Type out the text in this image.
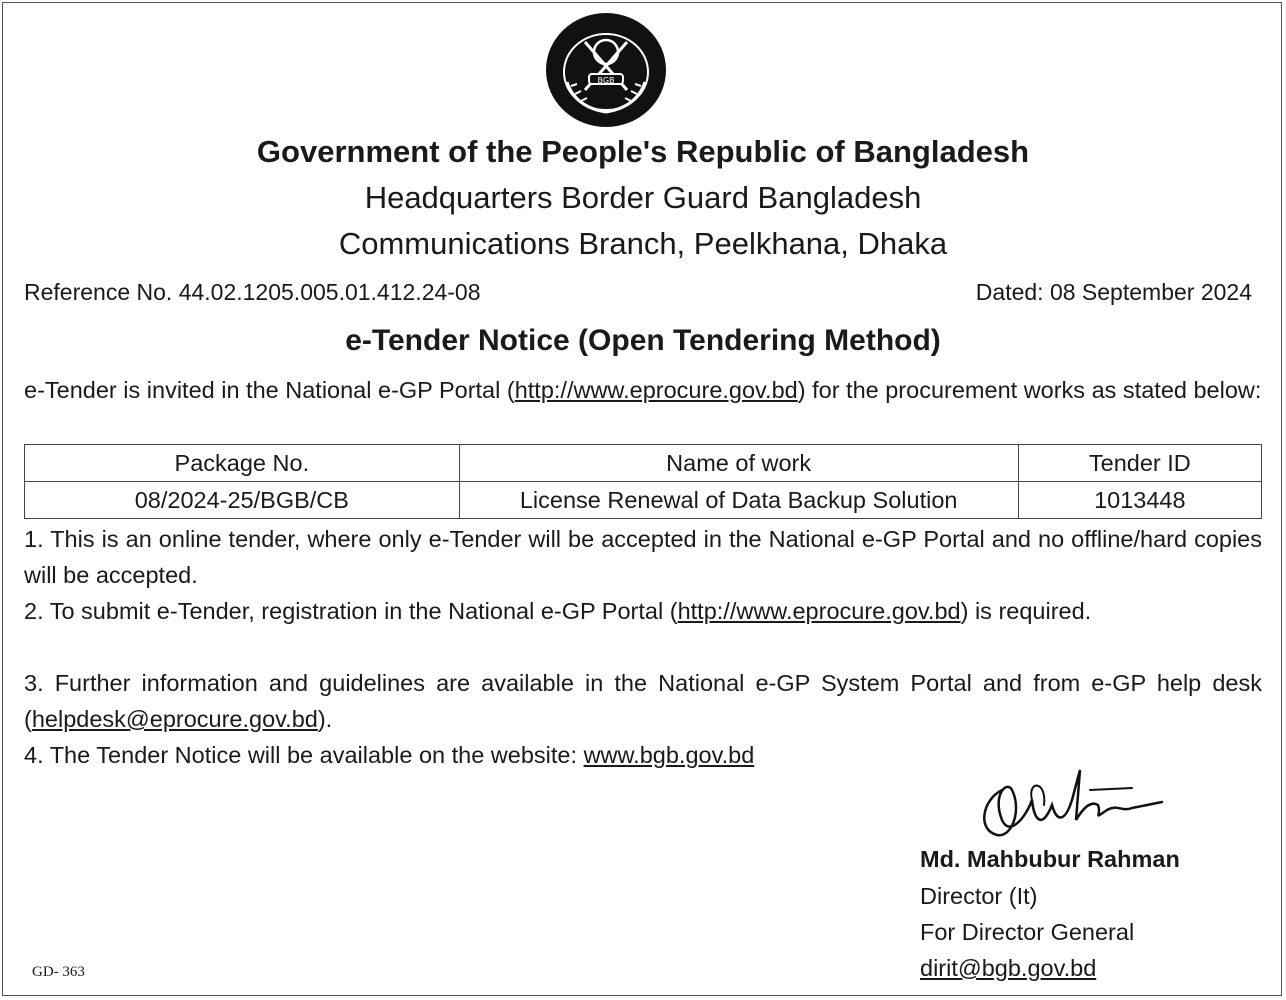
BGB
Government of the People's Republic of Bangladesh
Headquarters Border Guard Bangladesh
Communications Branch, Peelkhana, Dhaka
Reference No. 44.02.1205.005.01.412.24-08	Dated: 08 September 2024
e-Tender Notice (Open Tendering Method)
e-Tender is invited in the National e-GP Portal (http://www.eprocure.gov.bd) for the procurement works as stated below:
Package No.	Name of work	Tender ID
08/2024-25/BGB/CB	License Renewal of Data Backup Solution	1013448
1. This is an online tender, where only e-Tender will be accepted in the National e-GP Portal and no offline/hard copies will be accepted.
2. To submit e-Tender, registration in the National e-GP Portal (http://www.eprocure.gov.bd) is required.
3. Further information and guidelines are available in the National e-GP System Portal and from e-GP help desk (helpdesk@eprocure.gov.bd).
4. The Tender Notice will be available on the website: www.bgb.gov.bd
Md. Mahbubur Rahman
Director (It)
For Director General
dirit@bgb.gov.bd
GD- 363
